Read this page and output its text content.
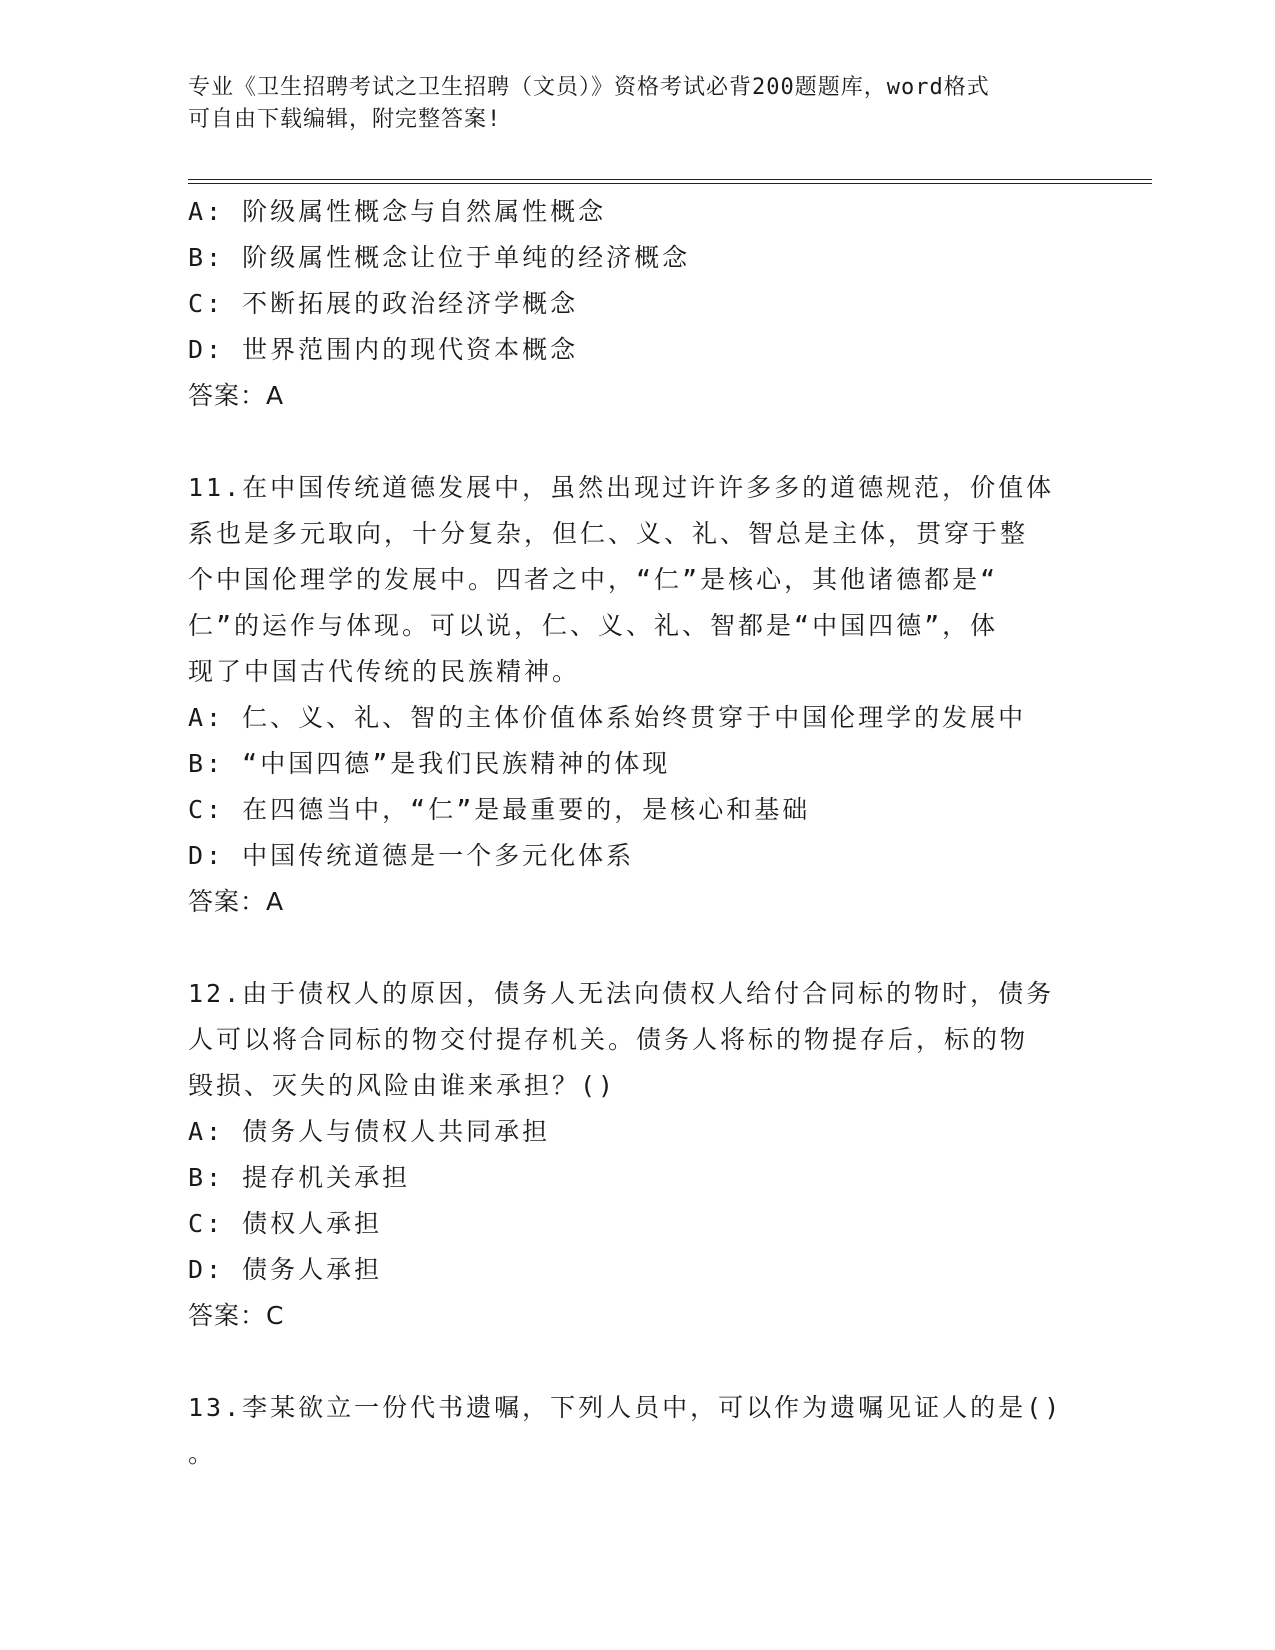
专业《卫生招聘考试之卫生招聘（文员）》资格考试必背200题题库，word格式
可自由下载编辑，附完整答案!
A: 阶级属性概念与自然属性概念
B: 阶级属性概念让位于单纯的经济概念
C: 不断拓展的政治经济学概念
D: 世界范围内的现代资本概念
答案：A
11.在中国传统道德发展中，虽然出现过许许多多的道德规范，价值体
系也是多元取向，十分复杂，但仁、义、礼、智总是主体，贯穿于整
个中国伦理学的发展中。四者之中，“仁”是核心，其他诸德都是“
仁”的运作与体现。可以说，仁、义、礼、智都是“中国四德”，体
现了中国古代传统的民族精神。
A: 仁、义、礼、智的主体价值体系始终贯穿于中国伦理学的发展中
B: “中国四德”是我们民族精神的体现
C: 在四德当中，“仁”是最重要的，是核心和基础
D: 中国传统道德是一个多元化体系
答案：A
12.由于债权人的原因，债务人无法向债权人给付合同标的物时，债务
人可以将合同标的物交付提存机关。债务人将标的物提存后，标的物
毁损、灭失的风险由谁来承担？()
A: 债务人与债权人共同承担
B: 提存机关承担
C: 债权人承担
D: 债务人承担
答案：C
13.李某欲立一份代书遗嘱，下列人员中，可以作为遗嘱见证人的是()
。
